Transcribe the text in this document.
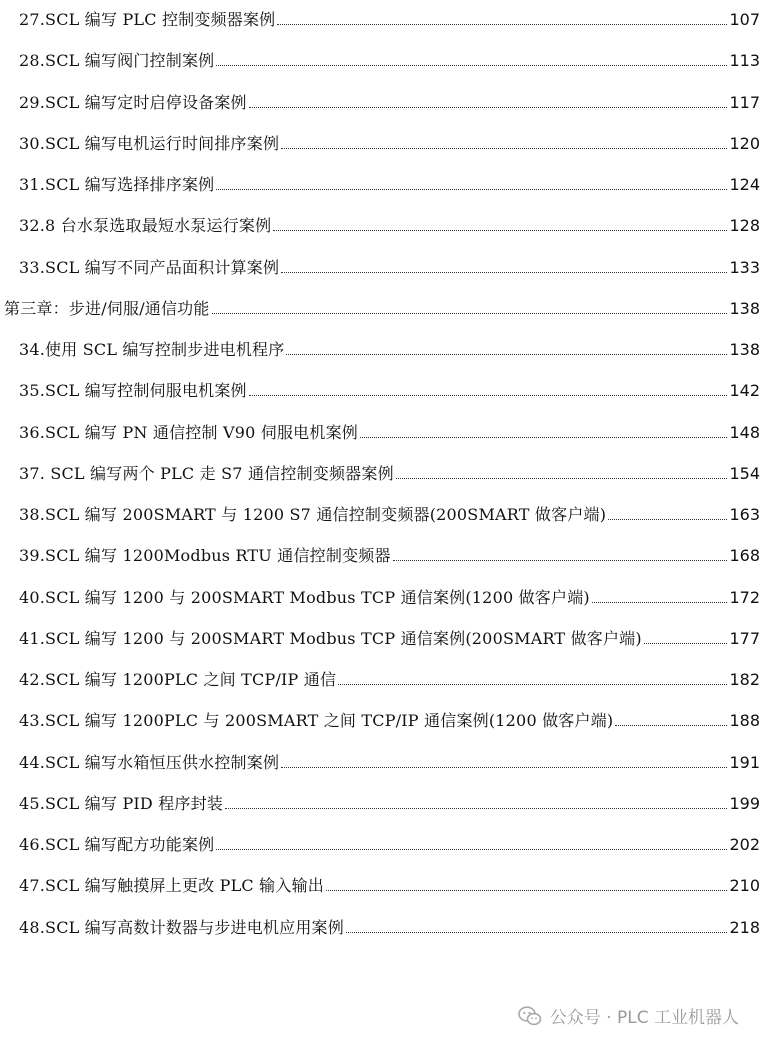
27.SCL 编写 PLC 控制变频器案例	107
28.SCL 编写阀门控制案例	113
29.SCL 编写定时启停设备案例	117
30.SCL 编写电机运行时间排序案例	120
31.SCL 编写选择排序案例	124
32.8 台水泵选取最短水泵运行案例	128
33.SCL 编写不同产品面积计算案例	133
第三章：步进/伺服/通信功能	138
34.使用 SCL 编写控制步进电机程序	138
35.SCL 编写控制伺服电机案例	142
36.SCL 编写 PN 通信控制 V90 伺服电机案例	148
37. SCL 编写两个 PLC 走 S7 通信控制变频器案例	154
38.SCL 编写 200SMART 与 1200 S7 通信控制变频器(200SMART 做客户端)	163
39.SCL 编写 1200Modbus RTU 通信控制变频器	168
40.SCL 编写 1200 与 200SMART Modbus TCP 通信案例(1200 做客户端)	172
41.SCL 编写 1200 与 200SMART Modbus TCP 通信案例(200SMART 做客户端)	177
42.SCL 编写 1200PLC 之间 TCP/IP 通信	182
43.SCL 编写 1200PLC 与 200SMART 之间 TCP/IP 通信案例(1200 做客户端)	188
44.SCL 编写水箱恒压供水控制案例	191
45.SCL 编写 PID 程序封装	199
46.SCL 编写配方功能案例	202
47.SCL 编写触摸屏上更改 PLC 输入输出	210
48.SCL 编写高数计数器与步进电机应用案例	218
公众号 · PLC 工业机器人
